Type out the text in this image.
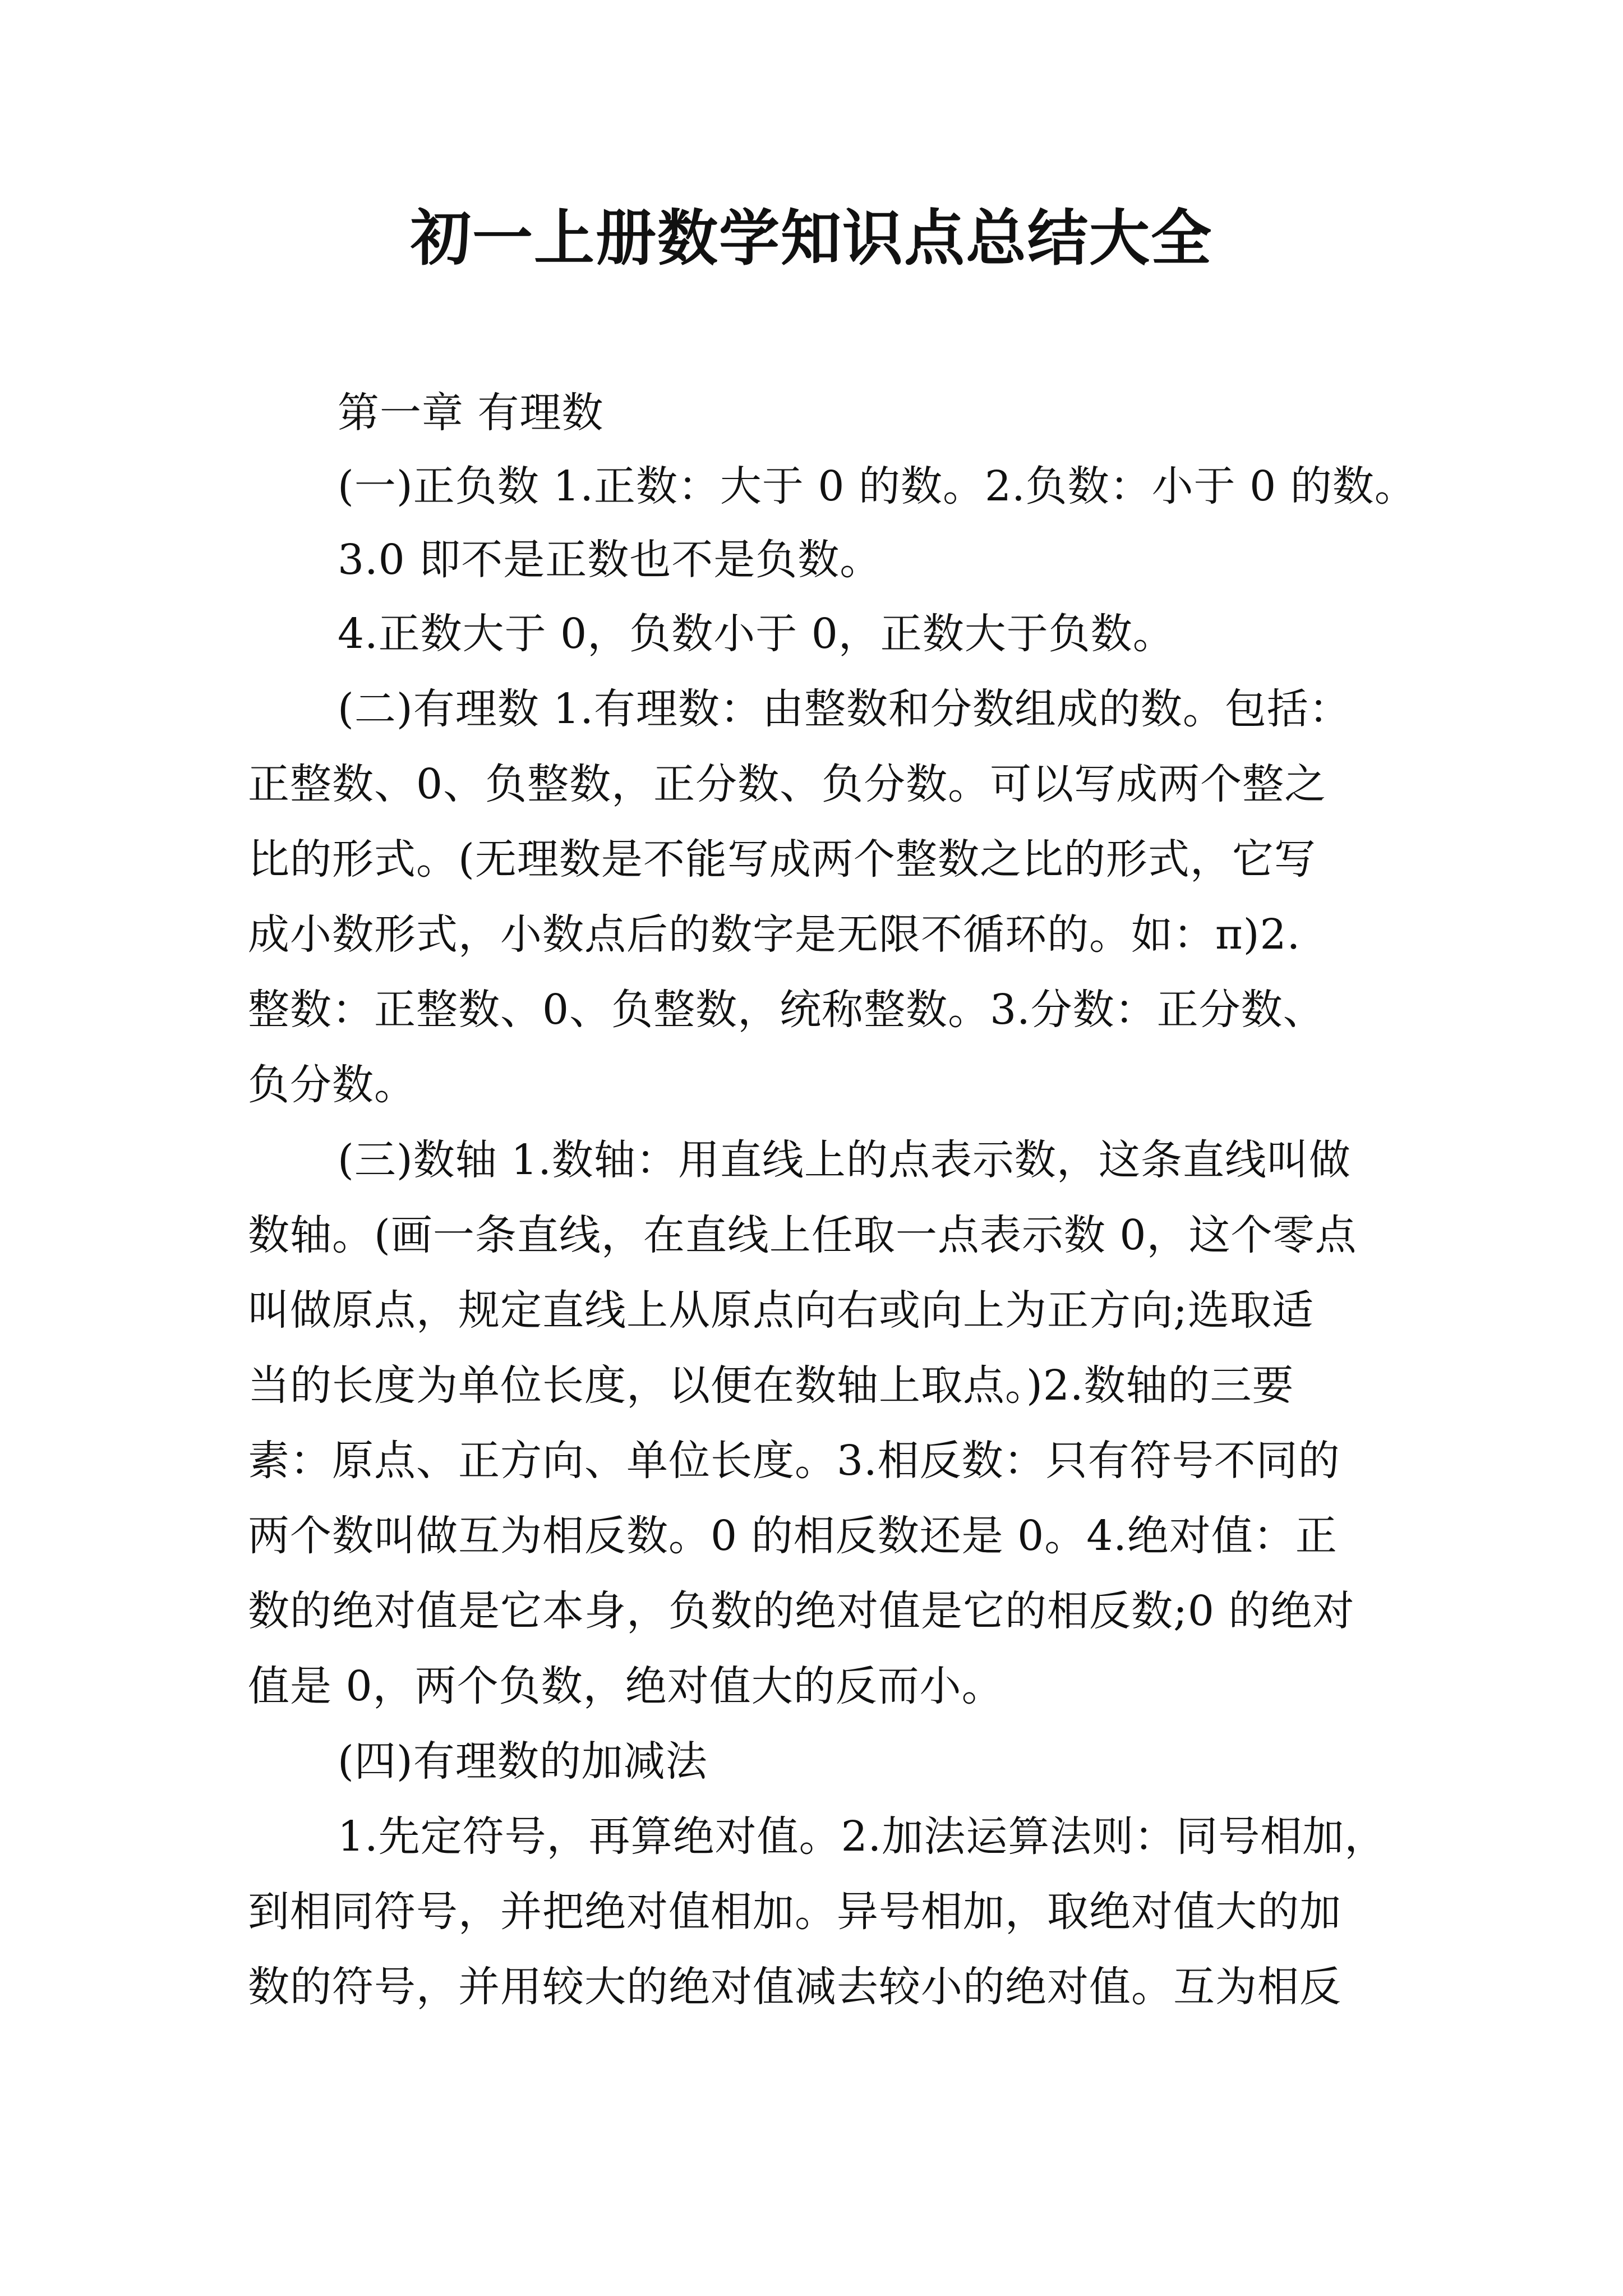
初一上册数学知识点总结大全
第一章 有理数
(一)正负数 1.正数：大于 0 的数。2.负数：小于 0 的数。
3.0 即不是正数也不是负数。
4.正数大于 0，负数小于 0，正数大于负数。
(二)有理数 1.有理数：由整数和分数组成的数。包括：
正整数、0、负整数，正分数、负分数。可以写成两个整之
比的形式。(无理数是不能写成两个整数之比的形式，它写
成小数形式，小数点后的数字是无限不循环的。如：π)2.
整数：正整数、0、负整数，统称整数。3.分数：正分数、
负分数。
(三)数轴 1.数轴：用直线上的点表示数，这条直线叫做
数轴。(画一条直线，在直线上任取一点表示数 0，这个零点
叫做原点，规定直线上从原点向右或向上为正方向;选取适
当的长度为单位长度，以便在数轴上取点。)2.数轴的三要
素：原点、正方向、单位长度。3.相反数：只有符号不同的
两个数叫做互为相反数。0 的相反数还是 0。4.绝对值：正
数的绝对值是它本身，负数的绝对值是它的相反数;0 的绝对
值是 0，两个负数，绝对值大的反而小。
(四)有理数的加减法
1.先定符号，再算绝对值。2.加法运算法则：同号相加，
到相同符号，并把绝对值相加。异号相加，取绝对值大的加
数的符号，并用较大的绝对值减去较小的绝对值。互为相反
